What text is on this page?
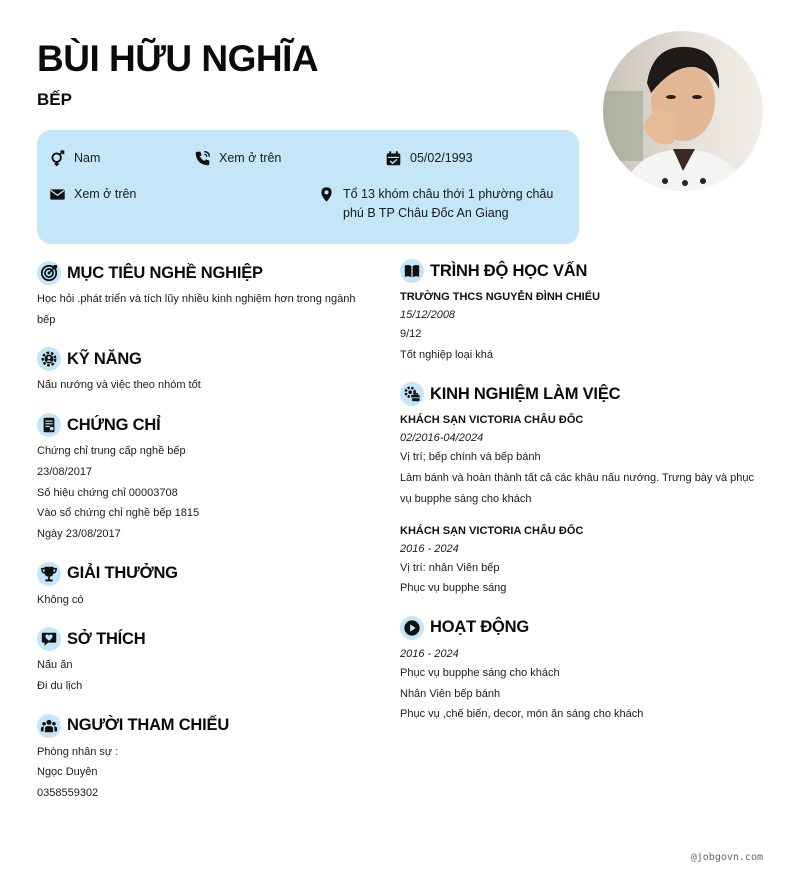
BÙI HỮU NGHĨA
BẾP
Nam	Xem ở trên	05/02/1993
Xem ở trên	Tổ 13 khóm châu thới 1 phường châu
phú B TP Châu Đốc An Giang
MỤC TIÊU NGHỀ NGHIỆP
Học hỏi .phát triển và tích lũy nhiều kinh nghiệm hơn trong ngành
bếp
KỸ NĂNG
Nấu nướng và việc theo nhóm tốt
CHỨNG CHỈ
Chứng chỉ trung cấp nghề bếp
23/08/2017
Số hiệu chứng chỉ 00003708
Vào sổ chứng chỉ nghề bếp 1815
Ngày 23/08/2017
GIẢI THƯỞNG
Không có
SỞ THÍCH
Nấu ăn
Đi du lịch
NGƯỜI THAM CHIẾU
Phòng nhân sự :
Ngọc Duyên
0358559302
TRÌNH ĐỘ HỌC VẤN
TRƯỜNG THCS NGUYỄN ĐÌNH CHIỂU
15/12/2008
9/12
Tốt nghiệp loại khá
KINH NGHIỆM LÀM VIỆC
KHÁCH SẠN VICTORIA CHÂU ĐỐC
02/2016-04/2024
Vị trí; bếp chính và bếp bánh
Làm bánh và hoàn thành tất cả các khâu nấu nướng. Trưng bày và phục
vụ bupphe sáng cho khách
KHÁCH SẠN VICTORIA CHÂU ĐỐC
2016 - 2024
Vị trí: nhân Viên bếp
Phục vụ bupphe sáng
HOẠT ĐỘNG
2016 - 2024
Phục vụ bupphe sáng cho khách
Nhân Viên bếp bánh
Phục vụ ,chế biến, decor, món ăn sáng cho khách
@jobgovn.com
